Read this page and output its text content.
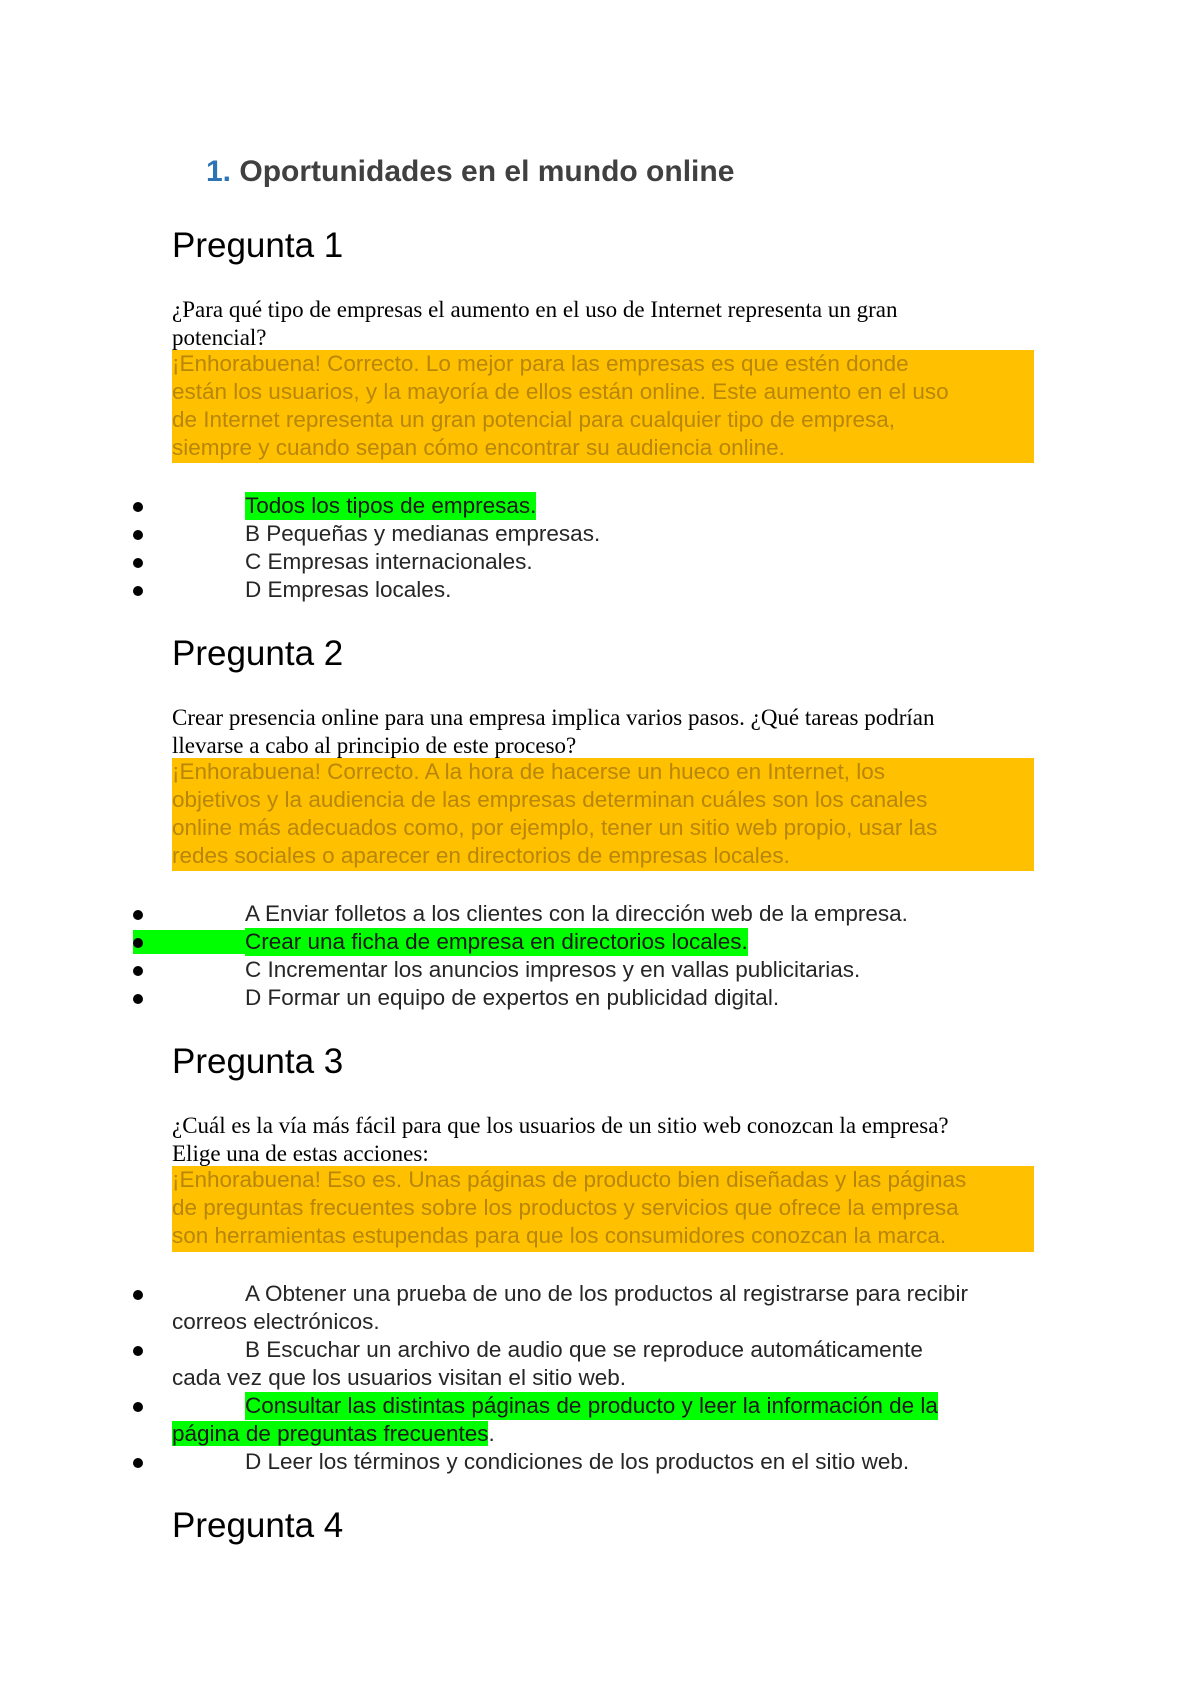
1. Oportunidades en el mundo online
Pregunta 1

¿Para qué tipo de empresas el aumento en el uso de Internet representa un gran

potencial?

¡Enhorabuena! Correcto. Lo mejor para las empresas es que estén donde

están los usuarios, y la mayoría de ellos están online. Este aumento en el uso

de Internet representa un gran potencial para cualquier tipo de empresa,

siempre y cuando sepan cómo encontrar su audiencia online.

Todos los tipos de empresas.
B Pequeñas y medianas empresas.
C Empresas internacionales.
D Empresas locales.
Pregunta 2

Crear presencia online para una empresa implica varios pasos. ¿Qué tareas podrían

llevarse a cabo al principio de este proceso?

¡Enhorabuena! Correcto. A la hora de hacerse un hueco en Internet, los

objetivos y la audiencia de las empresas determinan cuáles son los canales

online más adecuados como, por ejemplo, tener un sitio web propio, usar las

redes sociales o aparecer en directorios de empresas locales.

A Enviar folletos a los clientes con la dirección web de la empresa.
Crear una ficha de empresa en directorios locales.
C Incrementar los anuncios impresos y en vallas publicitarias.
D Formar un equipo de expertos en publicidad digital.
Pregunta 3

¿Cuál es la vía más fácil para que los usuarios de un sitio web conozcan la empresa?

Elige una de estas acciones:

¡Enhorabuena! Eso es. Unas páginas de producto bien diseñadas y las páginas

de preguntas frecuentes sobre los productos y servicios que ofrece la empresa

son herramientas estupendas para que los consumidores conozcan la marca.

A Obtener una prueba de uno de los productos al registrarse para recibir
correos electrónicos.
B Escuchar un archivo de audio que se reproduce automáticamente
cada vez que los usuarios visitan el sitio web.
Consultar las distintas páginas de producto y leer la información de la
página de preguntas frecuentes.
D Leer los términos y condiciones de los productos en el sitio web.
Pregunta 4
